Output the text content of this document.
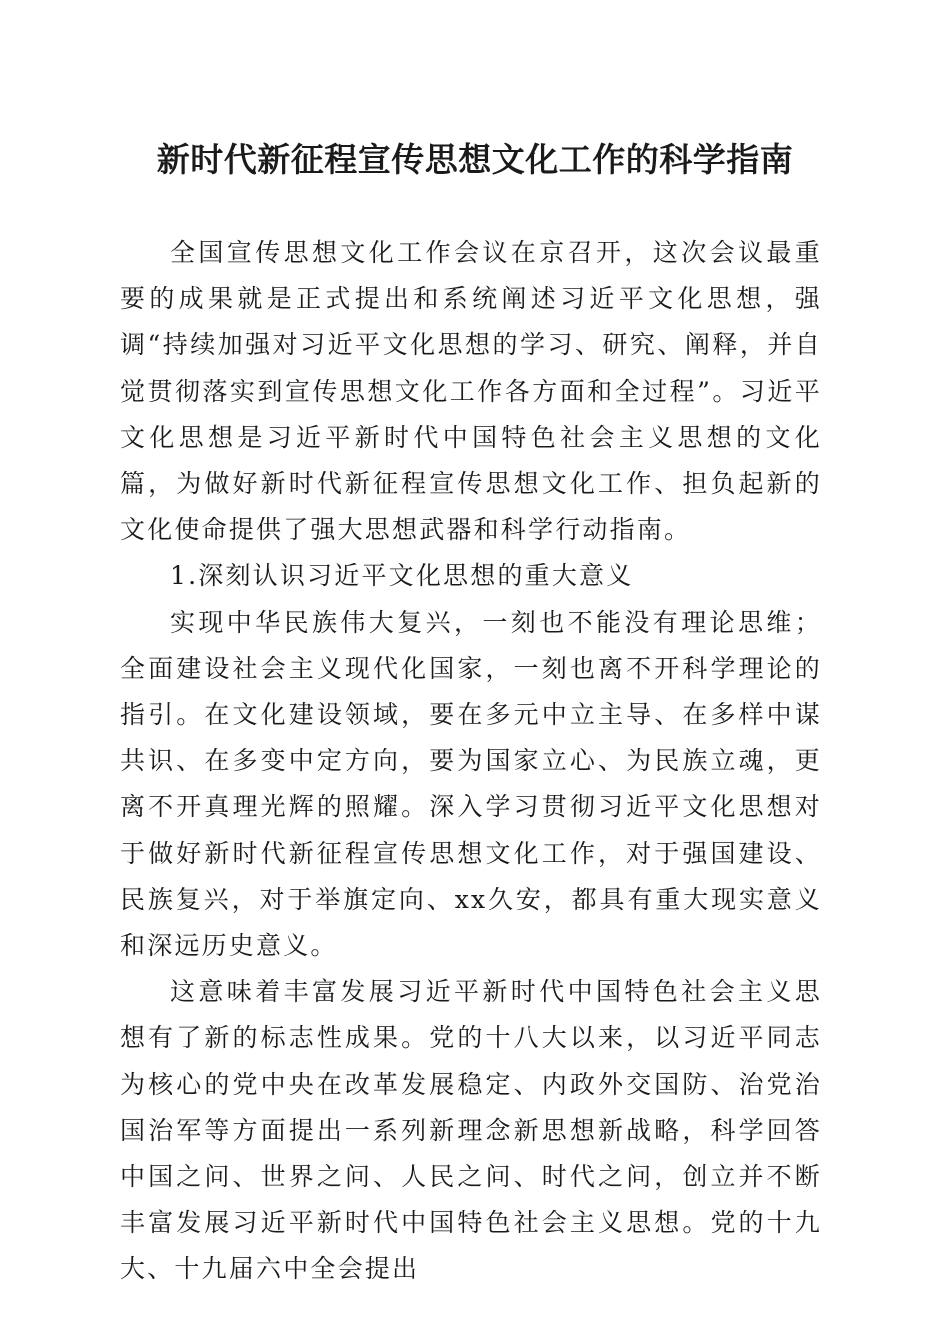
新时代新征程宣传思想文化工作的科学指南

全国宣传思想文化工作会议在京召开，这次会议最重要的成果就是正式提出和系统阐述习近平文化思想，强调“持续加强对习近平文化思想的学习、研究、阐释，并自觉贯彻落实到宣传思想文化工作各方面和全过程”。习近平文化思想是习近平新时代中国特色社会主义思想的文化篇，为做好新时代新征程宣传思想文化工作、担负起新的文化使命提供了强大思想武器和科学行动指南。

1.深刻认识习近平文化思想的重大意义

实现中华民族伟大复兴，一刻也不能没有理论思维；全面建设社会主义现代化国家，一刻也离不开科学理论的指引。在文化建设领域，要在多元中立主导、在多样中谋共识、在多变中定方向，要为国家立心、为民族立魂，更离不开真理光辉的照耀。深入学习贯彻习近平文化思想对于做好新时代新征程宣传思想文化工作，对于强国建设、民族复兴，对于举旗定向、xx久安，都具有重大现实意义和深远历史意义。

这意味着丰富发展习近平新时代中国特色社会主义思想有了新的标志性成果。党的十八大以来，以习近平同志为核心的党中央在改革发展稳定、内政外交国防、治党治国治军等方面提出一系列新理念新思想新战略，科学回答中国之问、世界之问、人民之问、时代之问，创立并不断丰富发展习近平新时代中国特色社会主义思想。党的十九大、十九届六中全会提出
